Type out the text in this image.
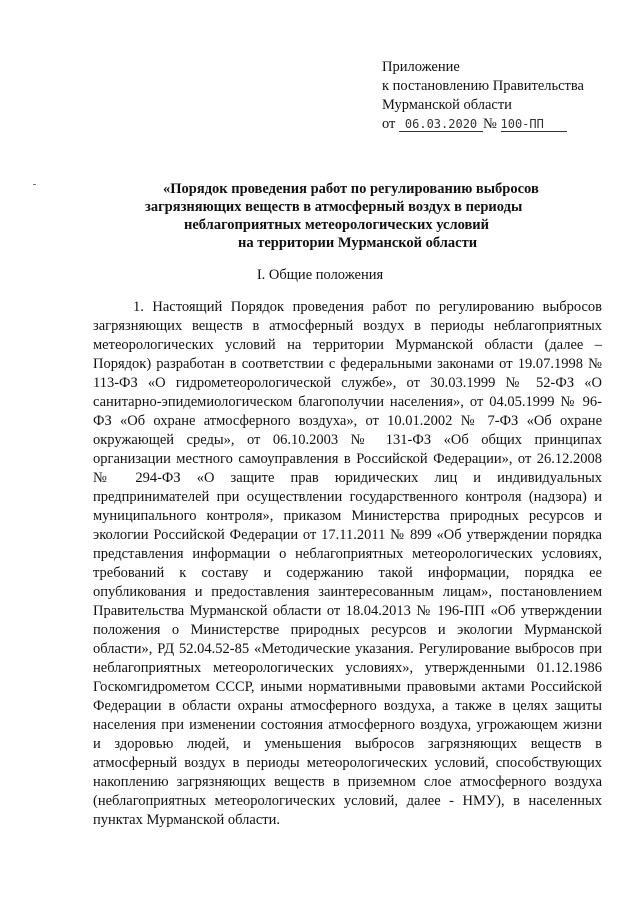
Приложение
к постановлению Правительства
Мурманской области
от 06.03.2020 № 100-ПП
«Порядок проведения работ по регулированию выбросов
загрязняющих веществ в атмосферный воздух в периоды
неблагоприятных метеорологических условий
на территории Мурманской области
I. Общие положения

1. Настоящий Порядок проведения работ по регулированию выбросов загрязняющих веществ в атмосферный воздух в периоды неблагоприятных метеорологических условий на территории Мурманской области (далее – Порядок) разработан в соответствии с федеральными законами от 19.07.1998 № 113-ФЗ «О гидрометеорологической службе», от 30.03.1999 № 52-ФЗ «О санитарно-эпидемиологическом благополучии населения», от 04.05.1999 № 96-ФЗ «Об охране атмосферного воздуха», от 10.01.2002 № 7-ФЗ «Об охране окружающей среды», от 06.10.2003 № 131-ФЗ «Об общих принципах организации местного самоуправления в Российской Федерации», от 26.12.2008 № 294-ФЗ «О защите прав юридических лиц и индивидуальных предпринимателей при осуществлении государственного контроля (надзора) и муниципального контроля», приказом Министерства природных ресурсов и экологии Российской Федерации от 17.11.2011 № 899 «Об утверждении порядка представления информации о неблагоприятных метеорологических условиях, требований к составу и содержанию такой информации, порядка ее опубликования и предоставления заинтересованным лицам», постановлением Правительства Мурманской области от 18.04.2013 № 196-ПП «Об утверждении положения о Министерстве природных ресурсов и экологии Мурманской области», РД 52.04.52-85 «Методические указания. Регулирование выбросов при неблагоприятных метеорологических условиях», утвержденными 01.12.1986 Госкомгидрометом СССР, иными нормативными правовыми актами Российской Федерации в области охраны атмосферного воздуха, а также в целях защиты населения при изменении состояния атмосферного воздуха, угрожающем жизни и здоровью людей, и уменьшения выбросов загрязняющих веществ в атмосферный воздух в периоды метеорологических условий, способствующих накоплению загрязняющих веществ в приземном слое атмосферного воздуха (неблагоприятных метеорологических условий, далее - НМУ), в населенных пунктах Мурманской области.
